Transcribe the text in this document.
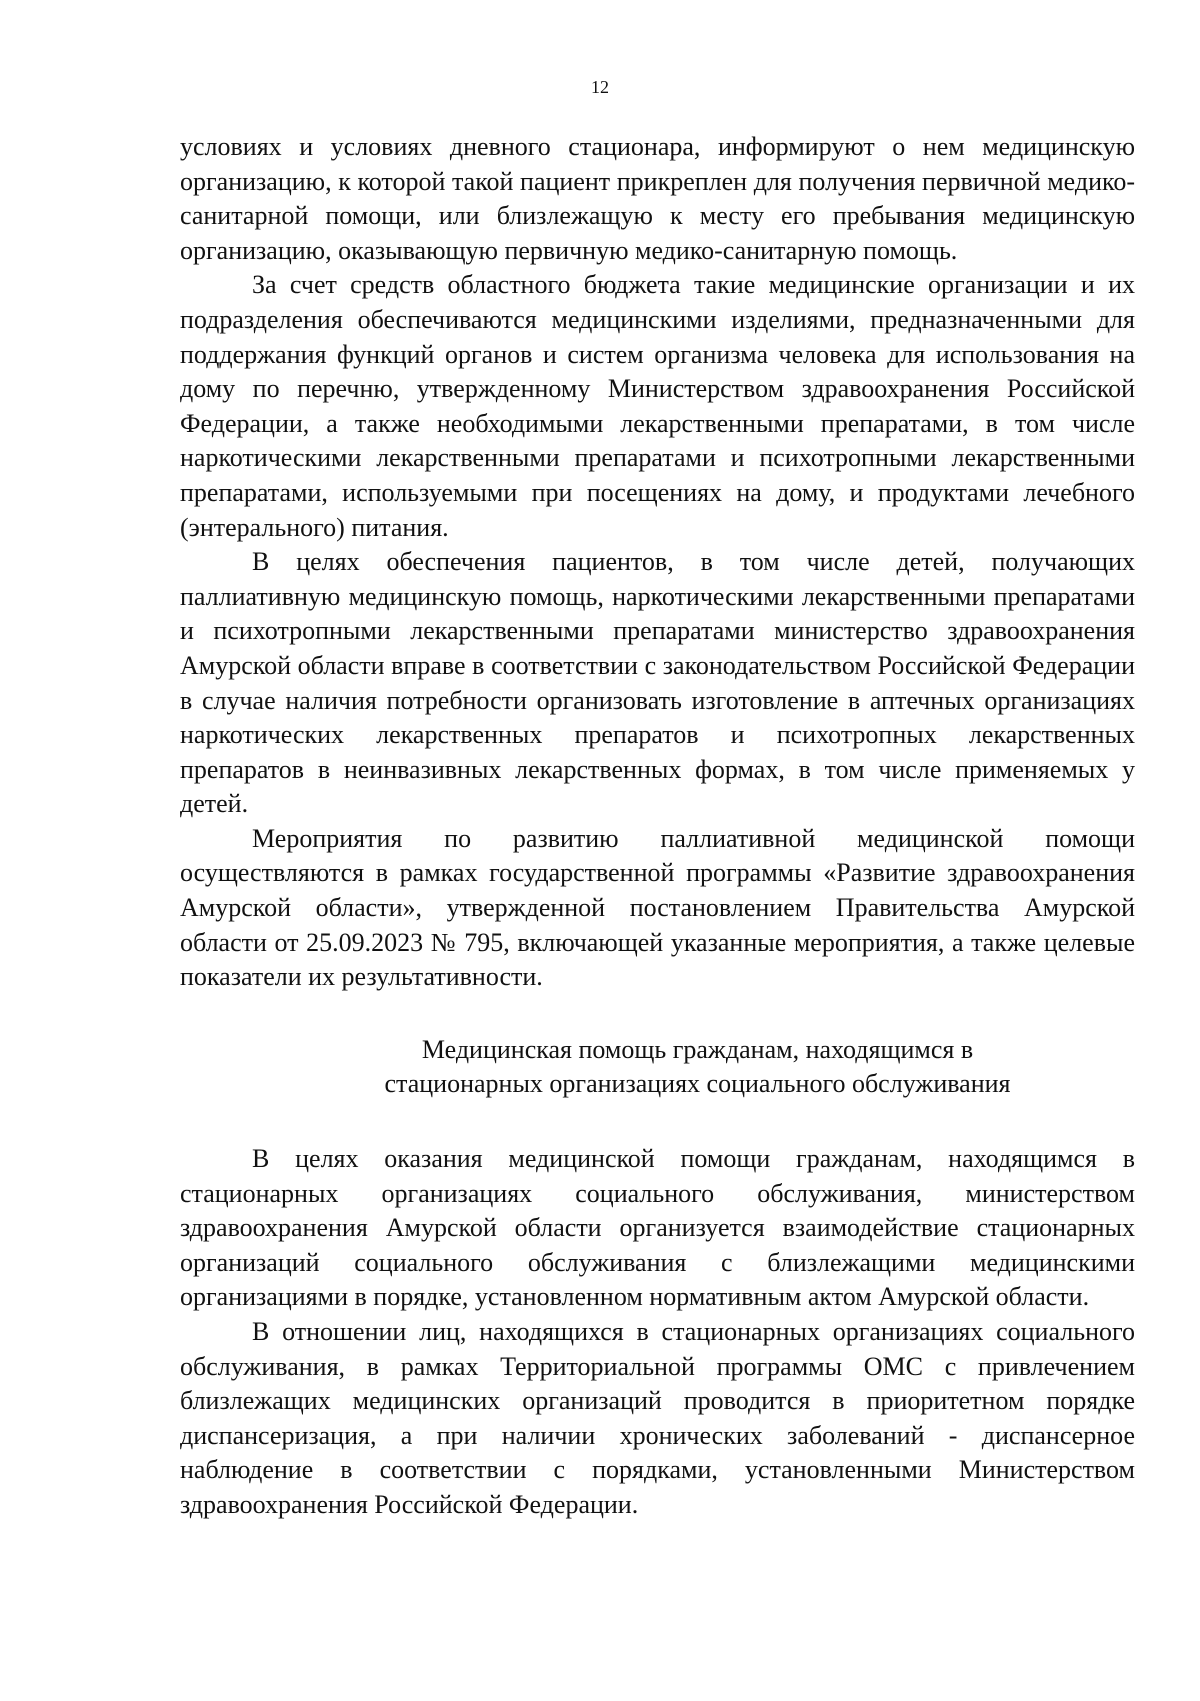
12

условиях и условиях дневного стационара, информируют о нем медицинскую организацию, к которой такой пациент прикреплен для получения первичной медико-санитарной помощи, или близлежащую к месту его пребывания медицинскую организацию, оказывающую первичную медико-санитарную помощь.

За счет средств областного бюджета такие медицинские организации и их подразделения обеспечиваются медицинскими изделиями, предназначенными для поддержания функций органов и систем организма человека для использования на дому по перечню, утвержденному Министерством здравоохранения Российской Федерации, а также необходимыми лекарственными препаратами, в том числе наркотическими лекарственными препаратами и психотропными лекарственными препаратами, используемыми при посещениях на дому, и продуктами лечебного (энтерального) питания.

В целях обеспечения пациентов, в том числе детей, получающих паллиативную медицинскую помощь, наркотическими лекарственными препаратами и психотропными лекарственными препаратами министерство здравоохранения Амурской области вправе в соответствии с законодательством Российской Федерации в случае наличия потребности организовать изготовление в аптечных организациях наркотических лекарственных препаратов и психотропных лекарственных препаратов в неинвазивных лекарственных формах, в том числе применяемых у детей.

Мероприятия по развитию паллиативной медицинской помощи осуществляются в рамках государственной программы «Развитие здравоохранения Амурской области», утвержденной постановлением Правительства Амурской области от 25.09.2023 № 795, включающей указанные мероприятия, а также целевые показатели их результативности.

Медицинская помощь гражданам, находящимся в
стационарных организациях социального обслуживания

В целях оказания медицинской помощи гражданам, находящимся в стационарных организациях социального обслуживания, министерством здравоохранения Амурской области организуется взаимодействие стационарных организаций социального обслуживания с близлежащими медицинскими организациями в порядке, установленном нормативным актом Амурской области.

В отношении лиц, находящихся в стационарных организациях социального обслуживания, в рамках Территориальной программы ОМС с привлечением близлежащих медицинских организаций проводится в приоритетном порядке диспансеризация, а при наличии хронических заболеваний - диспансерное наблюдение в соответствии с порядками, установленными Министерством здравоохранения Российской Федерации.
